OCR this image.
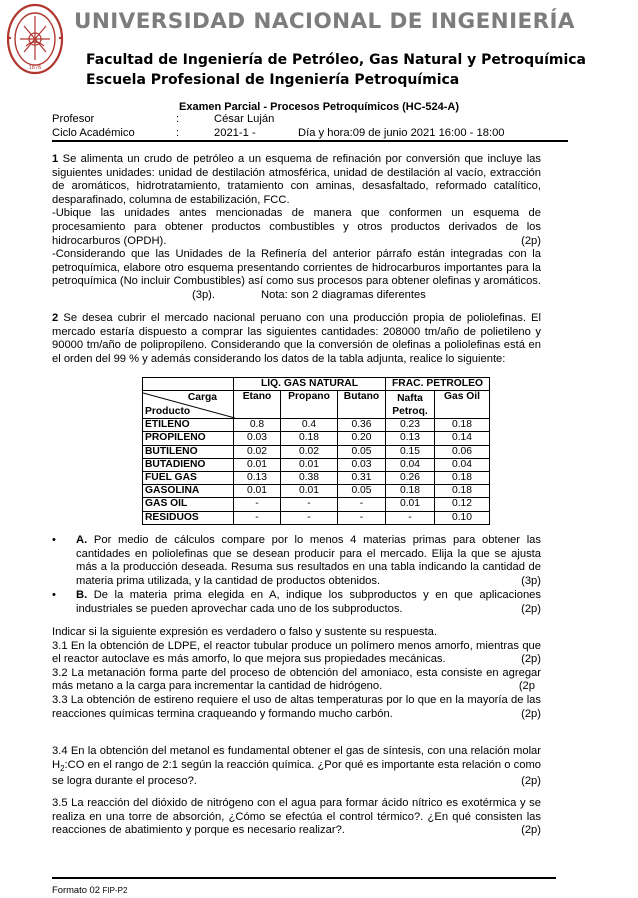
1876
UNIVERSIDAD NACIONAL DE INGENIERÍA
Facultad de Ingeniería de Petróleo, Gas Natural y Petroquímica
Escuela Profesional de Ingeniería Petroquímica
Examen Parcial - Procesos Petroquímicos (HC-524-A)
Profesor	:	César Luján
Ciclo Académico	:	2021-1 -	Día y hora:09 de junio 2021 16:00 - 18:00

1 Se alimenta un crudo de petróleo a un esquema de refinación por conversión que incluye las siguientes unidades: unidad de destilación atmosférica, unidad de destilación al vacío, extracción de aromáticos, hidrotratamiento, tratamiento con aminas, desasfaltado, reformado catalítico, desparafinado, columna de estabilización, FCC.

-Ubique las unidades antes mencionadas de manera que conformen un esquema de procesamiento para obtener productos combustibles y otros productos derivados de los hidrocarburos (OPDH).	(2p)

-Considerando que las Unidades de la Refinería del anterior párrafo están integradas con la petroquímica, elabore otro esquema presentando corrientes de hidrocarburos importantes para la petroquímica (No incluir Combustibles) así como sus procesos para obtener olefinas y aromáticos.(3p).	Nota: son 2 diagramas diferentes

2 Se desea cubrir el mercado nacional peruano con una producción propia de poliolefinas. El mercado estaría dispuesto a comprar las siguientes cantidades: 208000 tm/año de polietileno y 90000 tm/año de polipropileno. Considerando que la conversión de olefinas a poliolefinas está en el orden del 99 % y además considerando los datos de la tabla adjunta, realice lo siguiente:

	LÍQ. GAS NATURAL			FRAC. PETROLEO	

Carga
Producto	Etano	Propano	Butano	Nafta Petroq.	Gas Oil
ETILENO	0.8	0.4	0.36	0.23	0.18
PROPILENO	0.03	0.18	0.20	0.13	0.14
BUTILENO	0.02	0.02	0.05	0.15	0.06
BUTADIENO	0.01	0.01	0.03	0.04	0.04
FUEL GAS	0.13	0.38	0.31	0.26	0.18
GASOLINA	0.01	0.01	0.05	0.18	0.18
GAS OIL	-	-	-	0.01	0.12
RESIDUOS	-	-	-	-	0.10
•	A. Por medio de cálculos compare por lo menos 4 materias primas para obtener las cantidades en poliolefinas que se desean producir para el mercado. Elija la que se ajusta más a la producción deseada. Resuma sus resultados en una tabla indicando la cantidad de materia prima utilizada, y la cantidad de productos obtenidos.	(3p)
•	B. De la materia prima elegida en A, indique los subproductos y en que aplicaciones industriales se pueden aprovechar cada uno de los subproductos.	(2p)

Indicar si la siguiente expresión es verdadero o falso y sustente su respuesta.

3.1 En la obtención de LDPE, el reactor tubular produce un polímero menos amorfo, mientras que el reactor autoclave es más amorfo, lo que mejora sus propiedades mecánicas.	(2p)

3.2 La metanación forma parte del proceso de obtención del amoniaco, esta consiste en agregar más metano a la carga para incrementar la cantidad de hidrógeno.	(2p

3.3 La obtención de estireno requiere el uso de altas temperaturas por lo que en la mayoría de las reacciones químicas termina craqueando y formando mucho carbón.	(2p)

3.4 En la obtención del metanol es fundamental obtener el gas de síntesis, con una relación molar $H_2:CO$ en el rango de 2:1 según la reacción química. ¿Por qué es importante esta relación o como se logra durante el proceso?.	(2p)

3.5 La reacción del dióxido de nitrógeno con el agua para formar ácido nítrico es exotérmica y se realiza en una torre de absorción, ¿Cómo se efectúa el control térmico?. ¿En qué consisten las reacciones de abatimiento y porque es necesario realizar?.	(2p)

Formato 02 FIP-P2
